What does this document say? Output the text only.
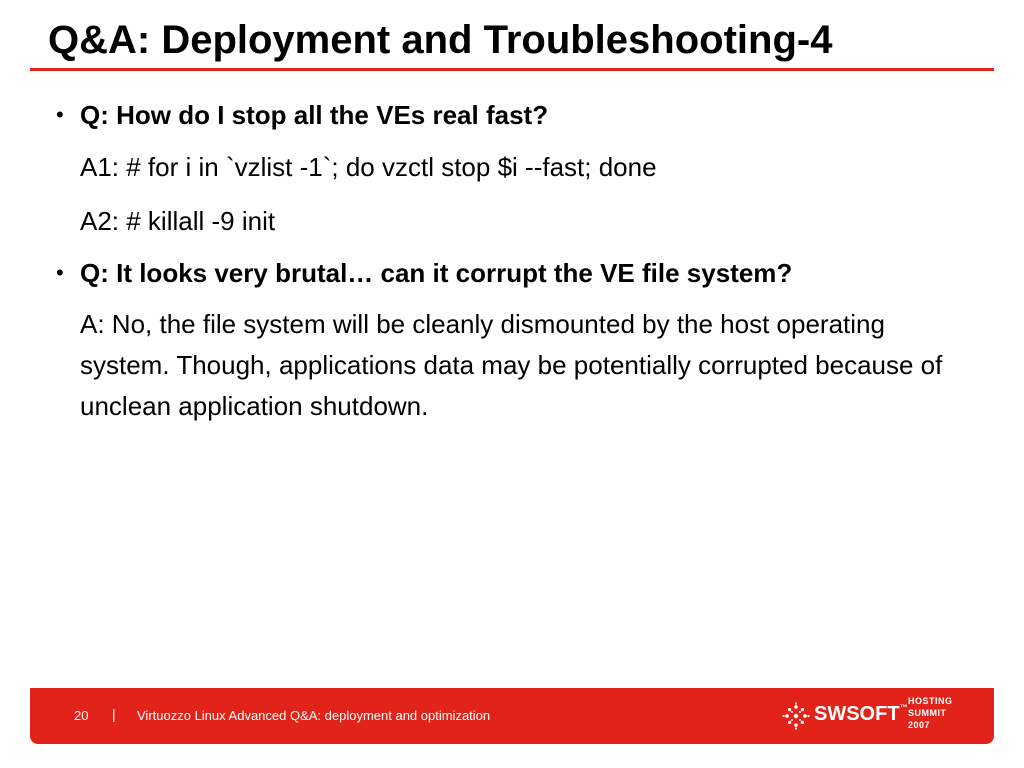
Q&A: Deployment and Troubleshooting-4
• Q: How do I stop all the VEs real fast?
A1: # for i in `vzlist -1`; do vzctl stop $i --fast; done
A2: # killall -9 init
• Q: It looks very brutal… can it corrupt the VE file system?
A: No, the file system will be cleanly dismounted by the host operating system. Though, applications data may be potentially corrupted because of unclean application shutdown.
20 | Virtuozzo Linux Advanced Q&A: deployment and optimization	SWSOFT™
HOSTING
SUMMIT
2007
